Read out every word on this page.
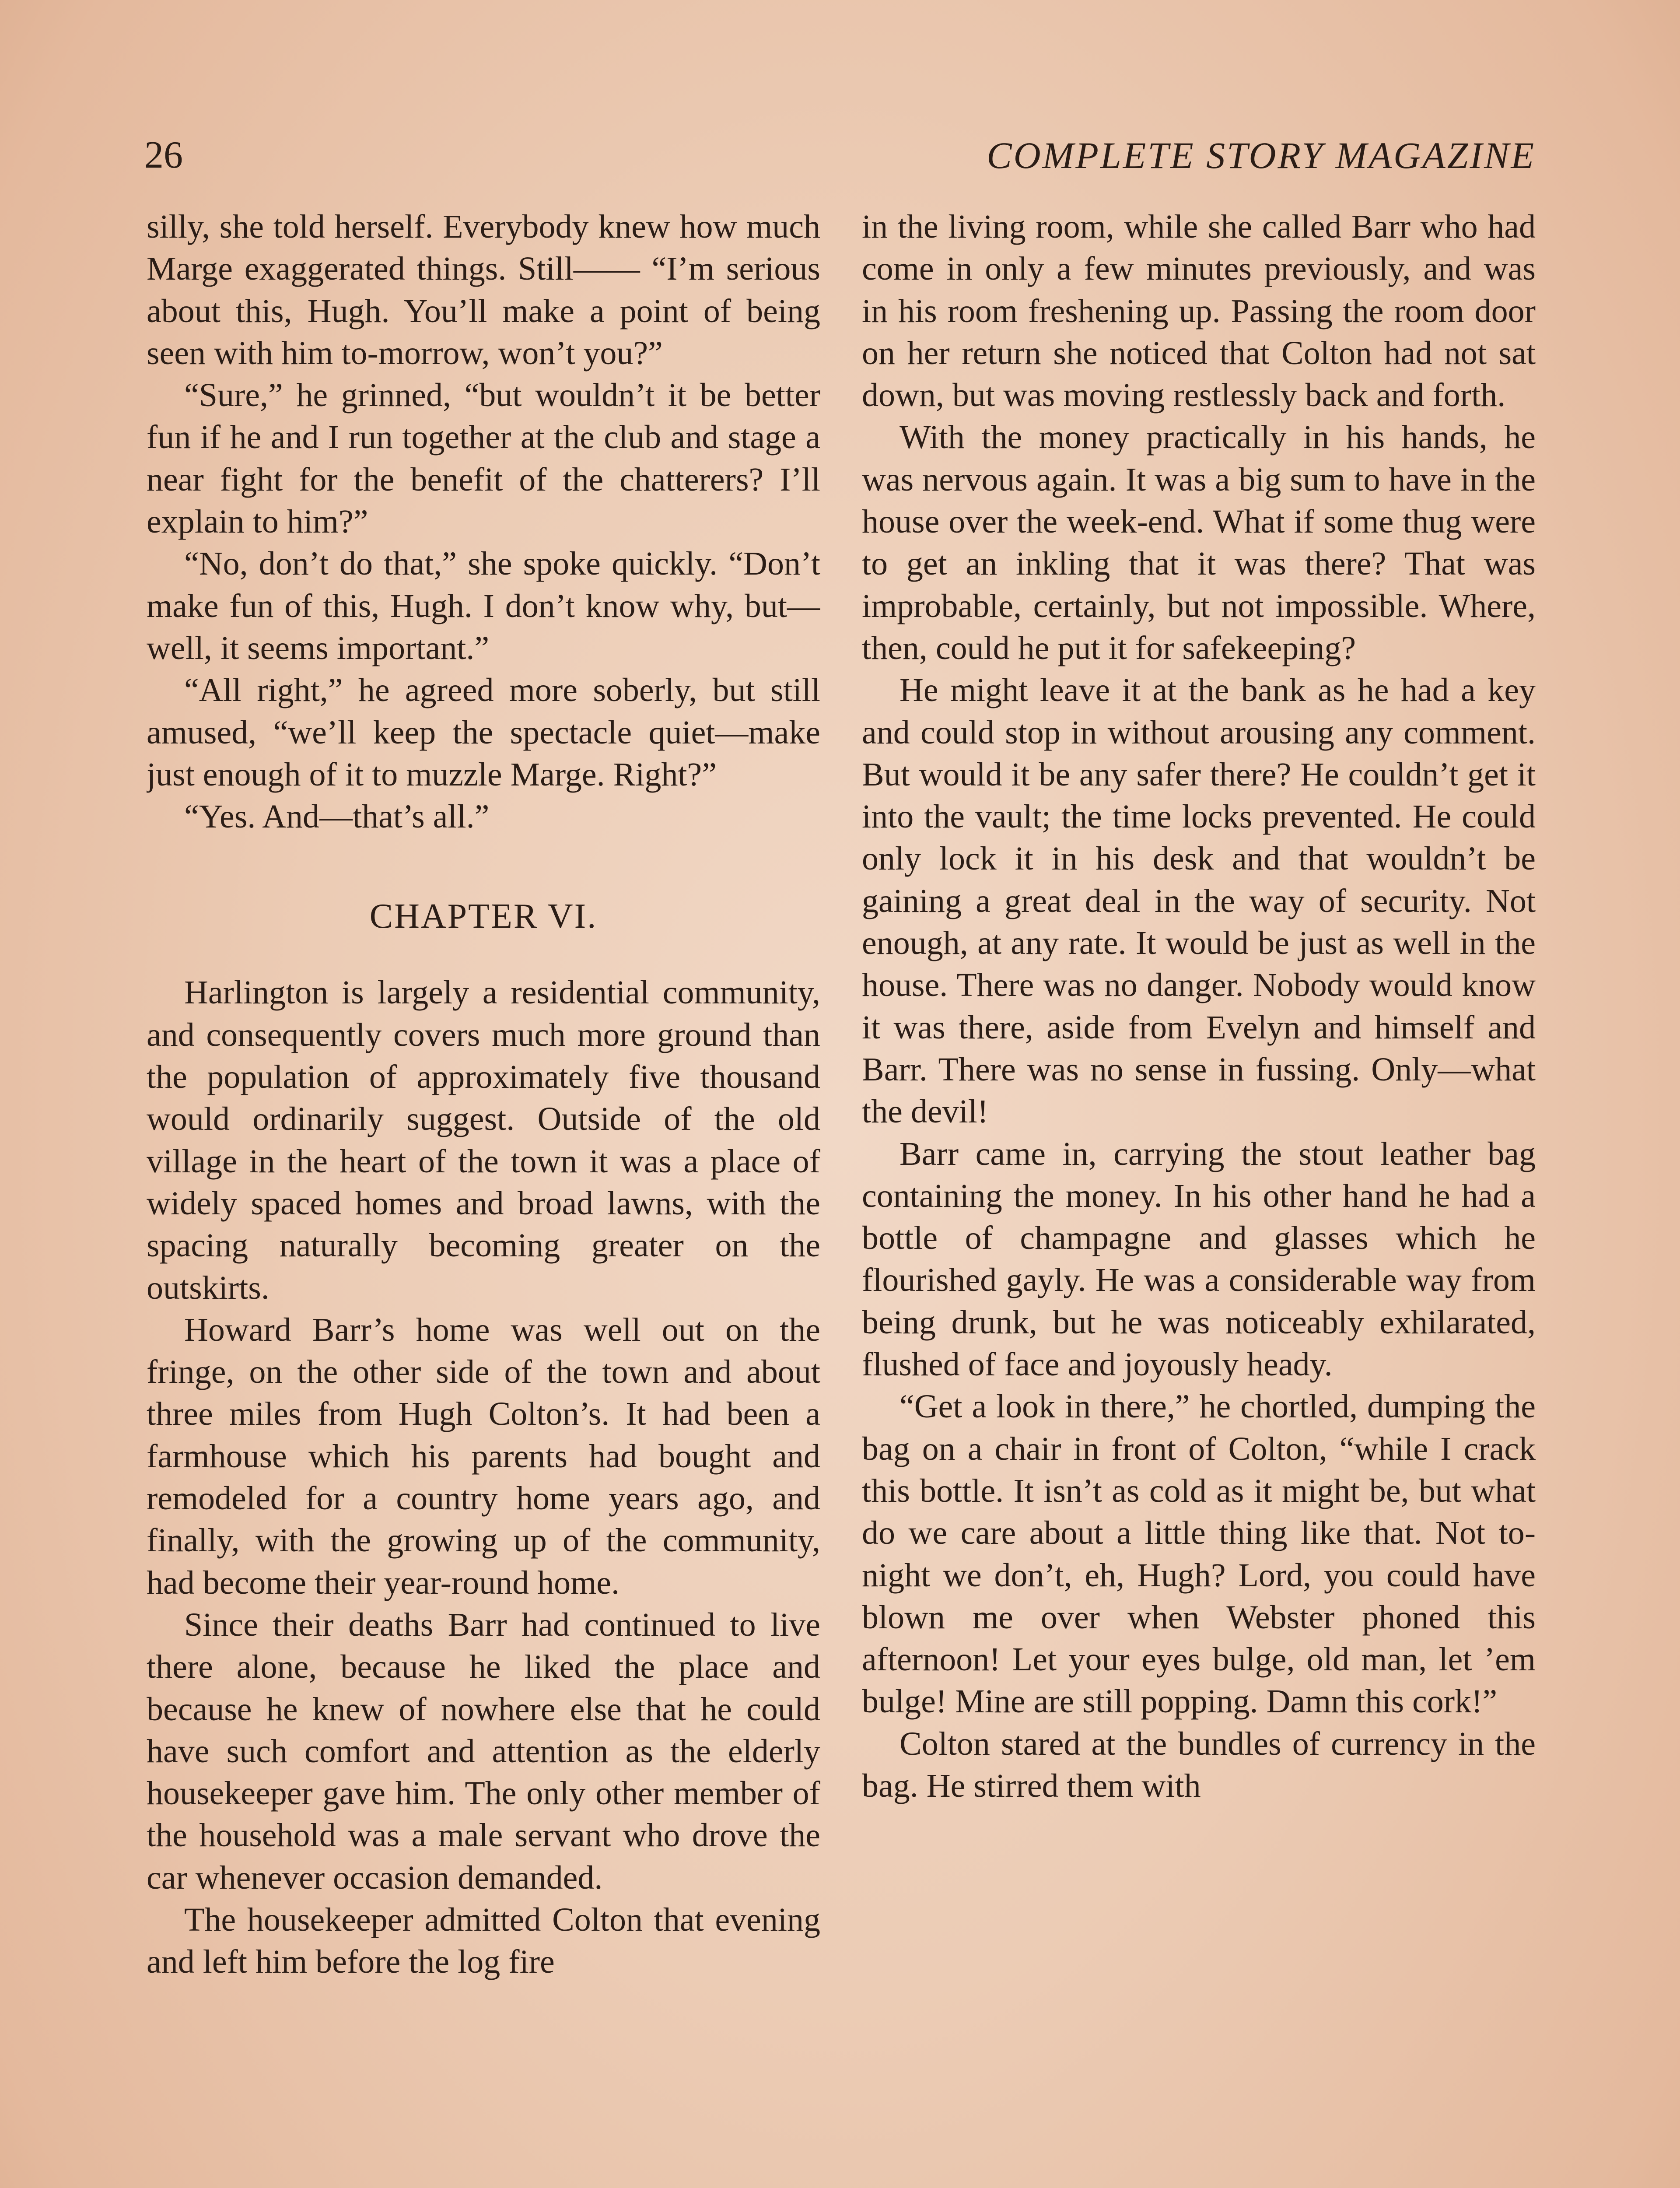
26	COMPLETE STORY MAGAZINE

silly, she told herself. Everybody knew how much Marge exaggerated things. Still—— “I’m serious about this, Hugh. You’ll make a point of being seen with him to-morrow, won’t you?”

“Sure,” he grinned, “but wouldn’t it be better fun if he and I run together at the club and stage a near fight for the benefit of the chatterers? I’ll explain to him?”

“No, don’t do that,” she spoke quickly. “Don’t make fun of this, Hugh. I don’t know why, but—well, it seems important.”

“All right,” he agreed more soberly, but still amused, “we’ll keep the spectacle quiet—make just enough of it to muzzle Marge. Right?”

“Yes. And—that’s all.”

CHAPTER VI.

Harlington is largely a residential community, and consequently covers much more ground than the population of approximately five thousand would ordinarily suggest. Outside of the old village in the heart of the town it was a place of widely spaced homes and broad lawns, with the spacing naturally becoming greater on the outskirts.

Howard Barr’s home was well out on the fringe, on the other side of the town and about three miles from Hugh Colton’s. It had been a farmhouse which his parents had bought and remodeled for a country home years ago, and finally, with the growing up of the community, had become their year-round home.

Since their deaths Barr had continued to live there alone, because he liked the place and because he knew of nowhere else that he could have such comfort and attention as the elderly housekeeper gave him. The only other member of the household was a male servant who drove the car whenever occasion demanded.

The housekeeper admitted Colton that evening and left him before the log fire

in the living room, while she called Barr who had come in only a few minutes previously, and was in his room freshening up. Passing the room door on her return she noticed that Colton had not sat down, but was moving restlessly back and forth.

With the money practically in his hands, he was nervous again. It was a big sum to have in the house over the week-end. What if some thug were to get an inkling that it was there? That was improbable, certainly, but not impossible. Where, then, could he put it for safekeeping?

He might leave it at the bank as he had a key and could stop in without arousing any comment. But would it be any safer there? He couldn’t get it into the vault; the time locks prevented. He could only lock it in his desk and that wouldn’t be gaining a great deal in the way of security. Not enough, at any rate. It would be just as well in the house. There was no danger. Nobody would know it was there, aside from Evelyn and himself and Barr. There was no sense in fussing. Only—what the devil!

Barr came in, carrying the stout leather bag containing the money. In his other hand he had a bottle of champagne and glasses which he flourished gayly. He was a considerable way from being drunk, but he was noticeably exhilarated, flushed of face and joyously heady.

“Get a look in there,” he chortled, dumping the bag on a chair in front of Colton, “while I crack this bottle. It isn’t as cold as it might be, but what do we care about a little thing like that. Not to-night we don’t, eh, Hugh? Lord, you could have blown me over when Webster phoned this afternoon! Let your eyes bulge, old man, let ’em bulge! Mine are still popping. Damn this cork!”

Colton stared at the bundles of currency in the bag. He stirred them with
